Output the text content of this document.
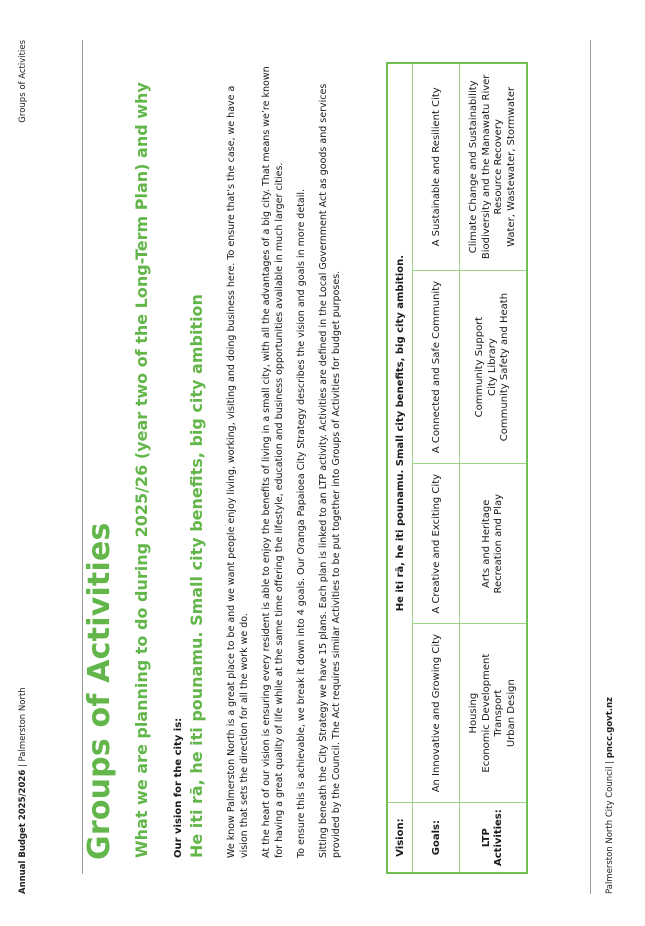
Annual Budget 2025/2026 | Palmerston North
Groups of Activities
Groups of Activities What we are planning to do during 2025/26 (year two of the Long-Term Plan) and why Our vision for the city is: He iti rā, he iti pounamu. Small city benefits, big city ambition We know Palmerston North is a great place to be and we want people enjoy living, working, visiting and doing business here. To ensure that’s the case, we have a vision that sets the direction for all the work we do. At the heart of our vision is ensuring every resident is able to enjoy the benefits of living in a small city, with all the advantages of a big city. That means we’re known for having a great quality of life while at the same time offering the lifestyle, education and business opportunities available in much larger cities. To ensure this is achievable, we break it down into 4 goals. Our Oranga Papaioea City Strategy describes the vision and goals in more detail. Sitting beneath the City Strategy we have 15 plans. Each plan is linked to an LTP activity. Activities are defined in the Local Government Act as goods and services provided by the Council. The Act requires similar Activities to be put together into Groups of Activities for budget purposes.	Vision:	He iti rā, he iti pounamu. Small city benefits, big city ambition.			
Goals:	An Innovative and Growing City	A Creative and Exciting City	A Connected and Safe Community	A Sustainable and Resilient City
LTP Activities:	Housing Economic Development Transport Urban Design	Arts and Heritage Recreation and Play	Community Support City Library Community Safety and Heath	Climate Change and Sustainability Biodiversity and the Manawatu River Resource Recovery Water, Wastewater, Stormwater
Palmerston North City Council | pncc.govt.nz
